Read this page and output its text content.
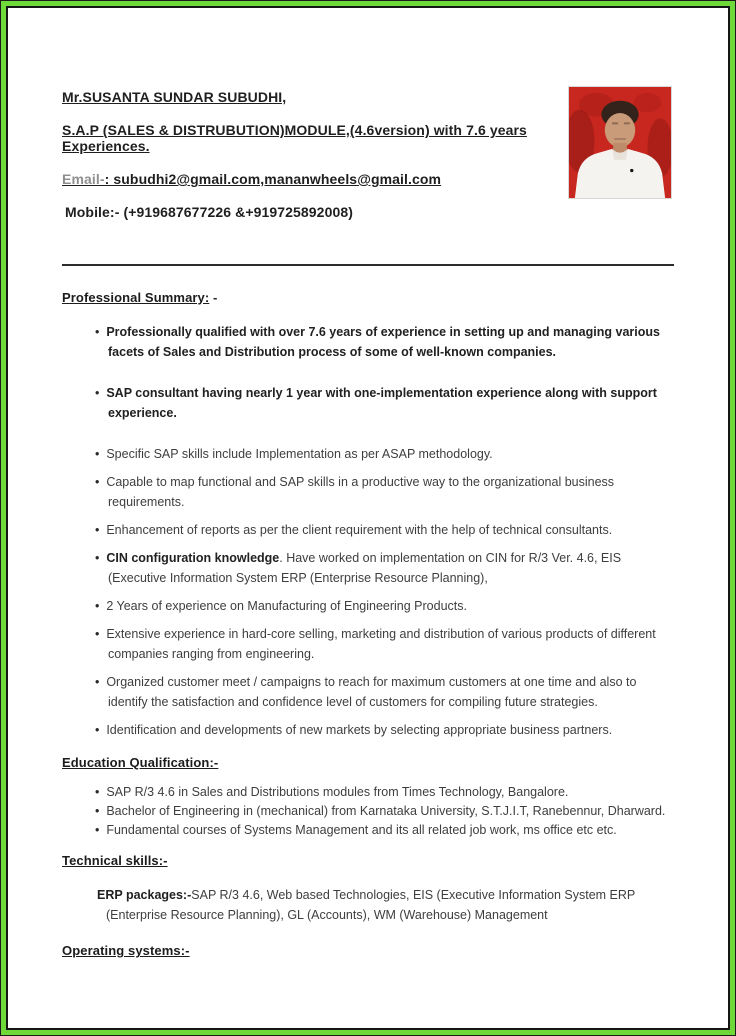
Mr.SUSANTA SUNDAR SUBUDHI,

S.A.P (SALES & DISTRUBUTION)MODULE,(4.6version) with 7.6 years Experiences.

Email-: subudhi2@gmail.com,mananwheels@gmail.com

Mobile:- (+919687677226 &+919725892008)

Professional Summary: -

•  Professionally qualified with over 7.6 years of experience in setting up and managing various facets of Sales and Distribution process of some of well-known companies.
•  SAP consultant having nearly 1 year with one-implementation experience along with support experience.
•  Specific SAP skills include Implementation as per ASAP methodology.
•  Capable to map functional and SAP skills in a productive way to the organizational business requirements.
•  Enhancement of reports as per the client requirement with the help of technical consultants.
•  CIN configuration knowledge. Have worked on implementation on CIN for R/3 Ver. 4.6, EIS (Executive Information System ERP (Enterprise Resource Planning),
•  2 Years of experience on Manufacturing of Engineering Products.
•  Extensive experience in hard-core selling, marketing and distribution of various products of different companies ranging from engineering.
•  Organized customer meet / campaigns to reach for maximum customers at one time and also to identify the satisfaction and confidence level of customers for compiling future strategies.
•  Identification and developments of new markets by selecting appropriate business partners.

Education Qualification:-

•  SAP R/3 4.6 in Sales and Distributions modules from Times Technology, Bangalore.
•  Bachelor of Engineering in (mechanical) from Karnataka University, S.T.J.I.T, Ranebennur, Dharward.
•  Fundamental courses of Systems Management and its all related job work, ms office etc etc.

Technical skills:-

ERP packages:-SAP R/3 4.6, Web based Technologies, EIS (Executive Information System ERP (Enterprise Resource Planning), GL (Accounts), WM (Warehouse) Management

Operating systems:-
